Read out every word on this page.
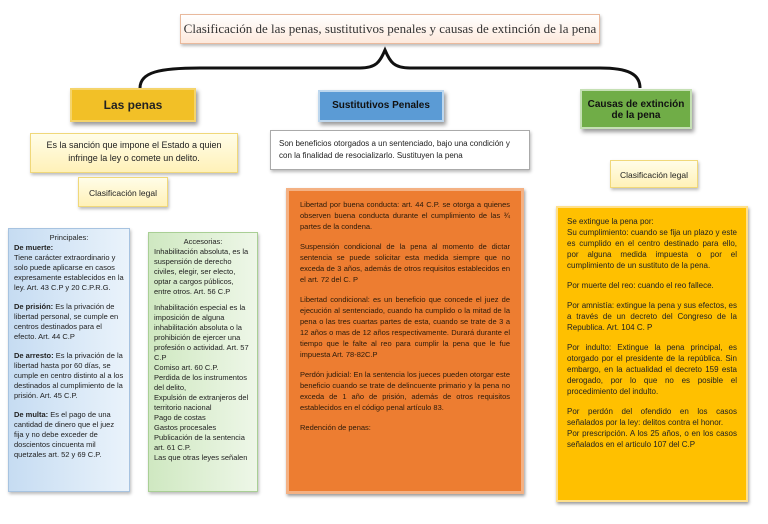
Clasificación de las penas, sustitutivos penales y causas de extinción de la pena
Las penas	Sustitutivos Penales	Causas de extinción de la pena
Es la sanción que impone el Estado a quien infringe la ley o comete un delito.
Son beneficios otorgados a un sentenciado, bajo una condición y con la finalidad de resocializarlo. Sustituyen la pena
Clasificación legal
Clasificación legal

Principales:

De muerte:
Tiene carácter extraordinario y solo puede aplicarse en casos expresamente establecidos en la ley. Art. 43 C.P y 20 C.P.R.G.

De prisión: Es la privación de libertad personal, se cumple en centros destinados para el efecto. Art. 44 C.P

De arresto: Es la privación de la libertad hasta por 60 días, se cumple en centro distinto al a los destinados al cumplimiento de la prisión. Art. 45 C.P.

De multa: Es el pago de una cantidad de dinero que el juez fija y no debe exceder de doscientos cincuenta mil quetzales art. 52 y 69 C.P.

Accesorias:

Inhabilitación absoluta, es la suspensión de derecho civiles, elegir, ser electo, optar a cargos públicos, entre otros. Art. 56 C.P

Inhabilitación especial es la imposición de alguna inhabilitación absoluta o la prohibición de ejercer una profesión o actividad. Art. 57 C.P

Comiso art. 60 C.P.

Perdida de los instrumentos del delito,

Expulsión de extranjeros del territorio nacional

Pago de costas

Gastos procesales

Publicación de la sentencia art. 61 C.P.

Las que otras leyes señalen

Libertad por buena conducta: art. 44 C.P. se otorga a quienes observen buena conducta durante el cumplimiento de las ¾ partes de la condena.

Suspensión condicional de la pena al momento de dictar sentencia se puede solicitar esta medida siempre que no exceda de 3 años, además de otros requisitos establecidos en el art. 72 del C. P

Libertad condicional: es un beneficio que concede el juez de ejecución al sentenciado, cuando ha cumplido o la mitad de la pena o las tres cuartas partes de esta, cuando se trate de 3 a 12 años o mas de 12 años respectivamente. Durará durante el tiempo que le falte al reo para cumplir la pena que le fue impuesta Art. 78-82C.P

Perdón judicial: En la sentencia los jueces pueden otorgar este beneficio cuando se trate de delincuente primario y la pena no exceda de 1 año de prisión, además de otros requisitos establecidos en el código penal artículo 83.

Redención de penas:

Se extingue la pena por:
Su cumplimiento: cuando se fija un plazo y este es cumplido en el centro destinado para ello, por alguna medida impuesta o por el cumplimiento de un sustituto de la pena.

Por muerte del reo: cuando el reo fallece.

Por amnistía: extingue la pena y sus efectos, es a través de un decreto del Congreso de la Republica. Art. 104 C. P

Por indulto: Extingue la pena principal, es otorgado por el presidente de la república. Sin embargo, en la actualidad el decreto 159 esta derogado, por lo que no es posible el procedimiento del indulto.

Por perdón del ofendido en los casos señalados por la ley: delitos contra el honor.

Por prescripción. A los 25 años, o en los casos señalados en el articulo 107 del C.P
